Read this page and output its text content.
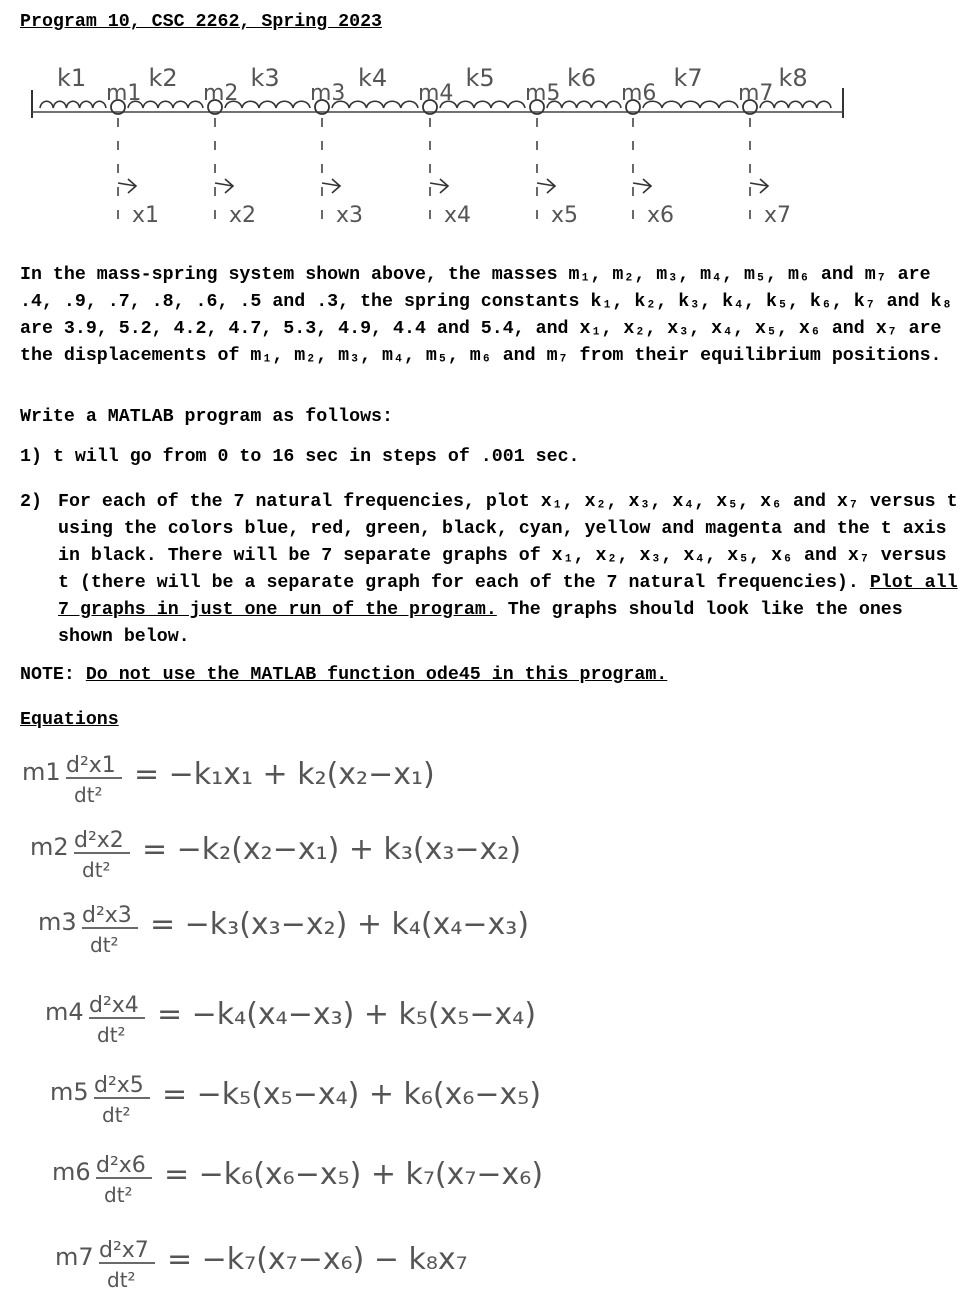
Program 10, CSC 2262, Spring 2023
k1	k2	k3	k4	k5	k6	k7	k8
m1
x1
m2
x2
m3
x3
m4
x4
m5
x5
m6
x6
m7
x7

In the mass-spring system shown above, the masses m₁, m₂, m₃, m₄, m₅, m₆ and m₇ are .4, .9, .7, .8, .6, .5 and .3, the spring constants k₁, k₂, k₃, k₄, k₅, k₆, k₇ and k₈ are 3.9, 5.2, 4.2, 4.7, 5.3, 4.9, 4.4 and 5.4, and x₁, x₂, x₃, x₄, x₅, x₆ and x₇ are the displacements of m₁, m₂, m₃, m₄, m₅, m₆ and m₇ from their equilibrium positions.

Write a MATLAB program as follows:

1) t will go from 0 to 16 sec in steps of .001 sec.

2) For each of the 7 natural frequencies, plot x₁, x₂, x₃, x₄, x₅, x₆ and x₇ versus t using the colors blue, red, green, black, cyan, yellow and magenta and the t axis in black. There will be 7 separate graphs of x₁, x₂, x₃, x₄, x₅, x₆ and x₇ versus t (there will be a separate graph for each of the 7 natural frequencies). Plot all 7 graphs in just one run of the program. The graphs should look like the ones shown below.

NOTE: Do not use the MATLAB function ode45 in this program.

Equations
m1 d²x1
dt²
= −k₁x₁ + k₂(x₂−x₁)
m2 d²x2
dt²
= −k₂(x₂−x₁) + k₃(x₃−x₂)
m3 d²x3
dt²
= −k₃(x₃−x₂) + k₄(x₄−x₃)
m4 d²x4
dt²
= −k₄(x₄−x₃) + k₅(x₅−x₄)
m5 d²x5
dt²
= −k₅(x₅−x₄) + k₆(x₆−x₅)
m6 d²x6
dt²
= −k₆(x₆−x₅) + k₇(x₇−x₆)
m7 d²x7
dt²
= −k₇(x₇−x₆) − k₈x₇
